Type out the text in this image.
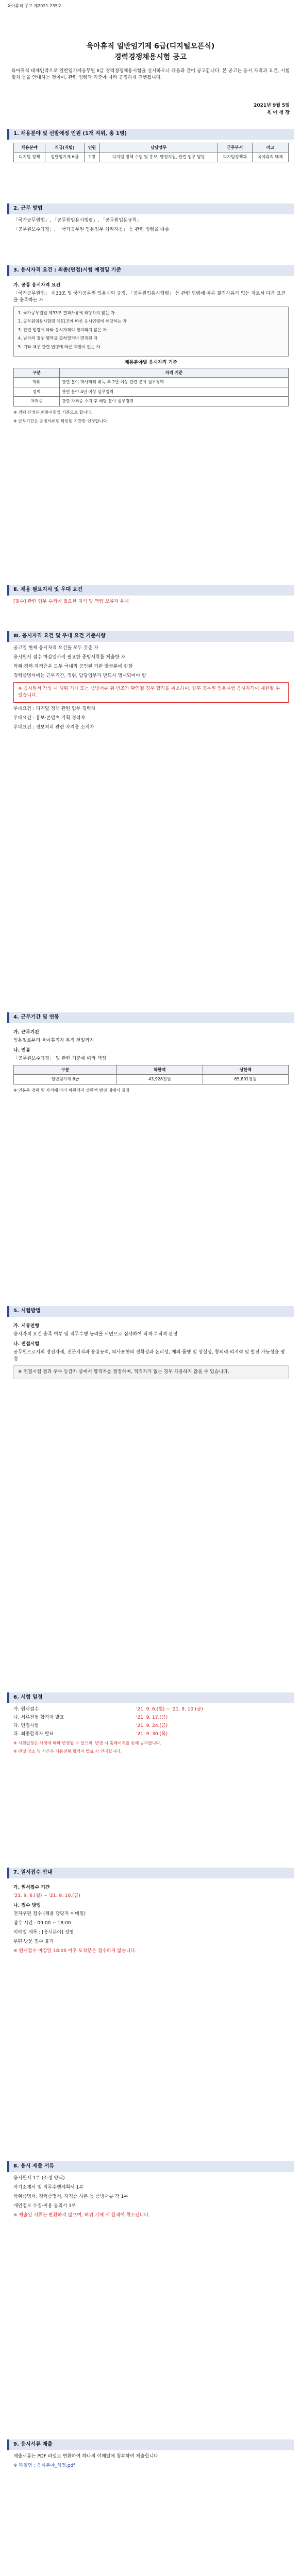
육아휴직 공고 제2021-235호
육아휴직 일반임기제 6급(디지털오픈식)
경력경쟁채용시험 공고
육아휴직 대체인력으로 일반임기제공무원 6급 경력경쟁채용시험을 실시하오니 다음과 같이 공고합니다. 본 공고는 응시 자격과 요건, 시험 절차 등을 안내하는 것이며, 관련 법령과 기준에 따라 공정하게 진행됩니다.
2021년 9월 5일
육 아 청 장
1. 채용분야 및 선발예정 인원 (1개 직위, 총 1명)
채용분야	직급(직렬)	인원	담당업무	근무부서	비고
디지털 정책	일반임기제 6급	1명	디지털 정책 수립 및 홍보, 행정지원, 관련 업무 담당	디지털정책과	육아휴직 대체
2. 근무 방법
「국가공무원법」, 「공무원임용시행령」, 「공무원임용규칙」
「공무원보수규정」, 「국가공무원 임용업무 처리지침」 등 관련 법령을 따름
3. 응시자격 요건 : 최종(면접)시험 예정일 기준
가. 공통 응시자격 요건
「국가공무원법」 제33조 및 국가공무원 임용제외 규정, 「공무원임용시행령」 등 관련 법령에 따른 결격사유가 없는 자로서 다음 요건을 충족하는 자
1. 국가공무원법 제33조 결격사유에 해당하지 않는 자
2. 공무원임용시험령 제51조에 따른 응시연령에 해당하는 자
3. 관련 법령에 따라 응시자격이 정지되지 않은 자
4. 남자의 경우 병역을 필하였거나 면제된 자
5. 기타 채용 관련 법령에 따른 제한이 없는 자
채용분야별 응시자격 기준
구분	자격 기준
학위	관련 분야 학사학위 취득 후 2년 이상 관련 분야 실무경력
경력	관련 분야 4년 이상 실무경력
자격증	관련 자격증 소지 후 해당 분야 실무경력
※ 경력 산정은 최종시험일 기준으로 합니다.
※ 근무기간은 증빙서류로 확인된 기간만 인정합니다.
Ⅱ. 채용 필요지식 및 우대 요건
[필수] 관련 업무 수행에 필요한 지식 및 역량 보유자 우대
Ⅲ. 응시자격 요건 및 우대 요건 기준사항
공고일 현재 응시자격 요건을 모두 갖춘 자
응시원서 접수 마감일까지 필요한 증빙서류를 제출한 자
학위·경력·자격증은 모두 국내외 공인된 기관 발급분에 한함
경력증명서에는 근무기간, 직위, 담당업무가 반드시 명시되어야 함
※ 응시원서 작성 시 허위 기재 또는 증빙서류 위·변조가 확인될 경우 합격을 취소하며, 향후 공무원 임용시험 응시자격이 제한될 수 있습니다.
우대요건 : 디지털 정책 관련 업무 경력자
우대요건 : 홍보·콘텐츠 기획 경력자
우대요건 : 정보처리 관련 자격증 소지자
4. 근무기간 및 연봉
가. 근무기간
임용일로부터 육아휴직자 복직 전일까지
나. 연봉
「공무원보수규정」 및 관련 기준에 따라 책정
구분	하한액	상한액
일반임기제 6급	43,928천원	65,891천원
※ 연봉은 경력 및 자격에 따라 하한액과 상한액 범위 내에서 결정
5. 시험방법
가. 서류전형
응시자격 요건 충족 여부 및 직무수행 능력을 서면으로 심사하여 적격·부적격 판정
나. 면접시험
공무원으로서의 정신자세, 전문지식과 응용능력, 의사표현의 정확성과 논리성, 예의·품행 및 성실성, 창의력·의지력 및 발전 가능성을 평정
※ 면접시험 결과 우수 등급자 중에서 합격자를 결정하며, 적격자가 없는 경우 채용하지 않을 수 있습니다.
6. 시험 일정
가. 원서접수	'21. 9. 6.(월) ~ '21. 9. 10.(금)
나. 서류전형 합격자 발표	'21. 9. 17.(금)
다. 면접시험	'21. 9. 24.(금)
라. 최종합격자 발표	'21. 9. 30.(목)
※ 시험일정은 사정에 따라 변경될 수 있으며, 변경 시 홈페이지를 통해 공지합니다.
※ 면접 장소 및 시간은 서류전형 합격자 발표 시 안내합니다.
7. 원서접수 안내
가. 원서접수 기간
'21. 9. 6.(월) ~ '21. 9. 10.(금)
나. 접수 방법
전자우편 접수 (채용 담당자 이메일)
접수 시간 : 09:00 ~ 18:00
이메일 제목 : [응시분야] 성명
우편·방문 접수 불가
※ 원서접수 마감일 18:00 이후 도착분은 접수하지 않습니다.
8. 응시 제출 서류
응시원서 1부 (소정 양식)
자기소개서 및 직무수행계획서 1부
학위증명서, 경력증명서, 자격증 사본 등 증빙서류 각 1부
개인정보 수집·이용 동의서 1부
※ 제출된 서류는 반환하지 않으며, 허위 기재 시 합격이 취소됩니다.
9. 응시서류 제출
제출서류는 PDF 파일로 변환하여 하나의 이메일에 첨부하여 제출합니다.
※ 파일명 : 응시분야_성명.pdf
